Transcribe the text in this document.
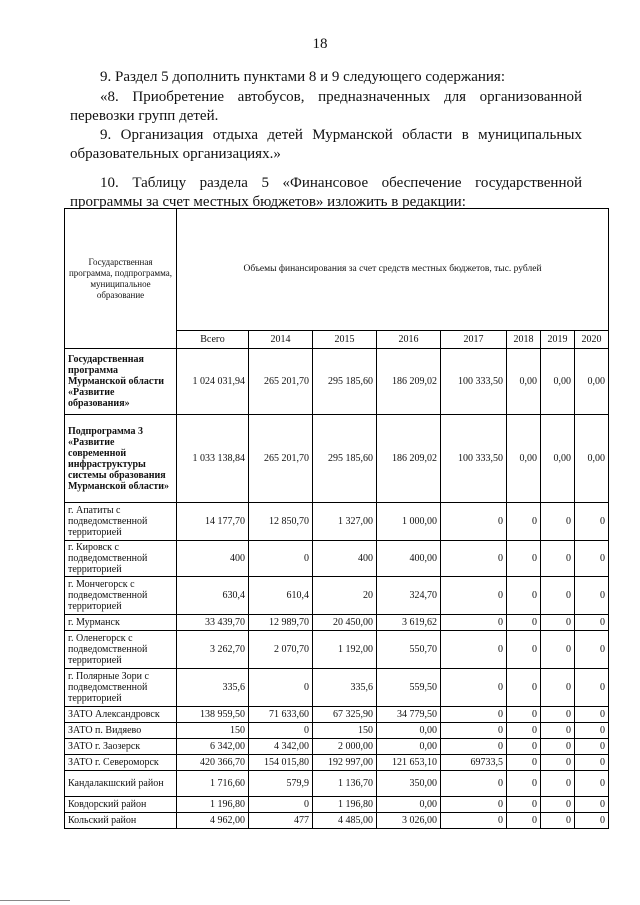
18

9. Раздел 5 дополнить пунктами 8 и 9 следующего содержания:

«8. Приобретение автобусов, предназначенных для организованной перевозки групп детей.

9. Организация отдыха детей Мурманской области в муниципальных образовательных организациях.»

10. Таблицу раздела 5 «Финансовое обеспечение государственной программы за счет местных бюджетов» изложить в редакции:

Государственная программа, подпрограмма, муниципальное образование	Объемы финансирования за счет средств местных бюджетов, тыс. рублей							
	Всего	2014	2015	2016	2017	2018	2019	2020
Государственная программа Мурманской области «Развитие образования»	1 024 031,94	265 201,70	295 185,60	186 209,02	100 333,50	0,00	0,00	0,00
Подпрограмма 3 «Развитие современной инфраструктуры системы образования Мурманской области»	1 033 138,84	265 201,70	295 185,60	186 209,02	100 333,50	0,00	0,00	0,00
г. Апатиты с подведомственной территорией	14 177,70	12 850,70	1 327,00	1 000,00	0	0	0	0
г. Кировск с подведомственной территорией	400	0	400	400,00	0	0	0	0
г. Мончегорск с подведомственной территорией	630,4	610,4	20	324,70	0	0	0	0
г. Мурманск	33 439,70	12 989,70	20 450,00	3 619,62	0	0	0	0
г. Оленегорск с подведомственной территорией	3 262,70	2 070,70	1 192,00	550,70	0	0	0	0
г. Полярные Зори с подведомственной территорией	335,6	0	335,6	559,50	0	0	0	0
ЗАТО Александровск	138 959,50	71 633,60	67 325,90	34 779,50	0	0	0	0
ЗАТО п. Видяево	150	0	150	0,00	0	0	0	0
ЗАТО г. Заозерск	6 342,00	4 342,00	2 000,00	0,00	0	0	0	0
ЗАТО г. Североморск	420 366,70	154 015,80	192 997,00	121 653,10	69733,5	0	0	0
Кандалакшский район	1 716,60	579,9	1 136,70	350,00	0	0	0	0
Ковдорский район	1 196,80	0	1 196,80	0,00	0	0	0	0
Кольский район	4 962,00	477	4 485,00	3 026,00	0	0	0	0
